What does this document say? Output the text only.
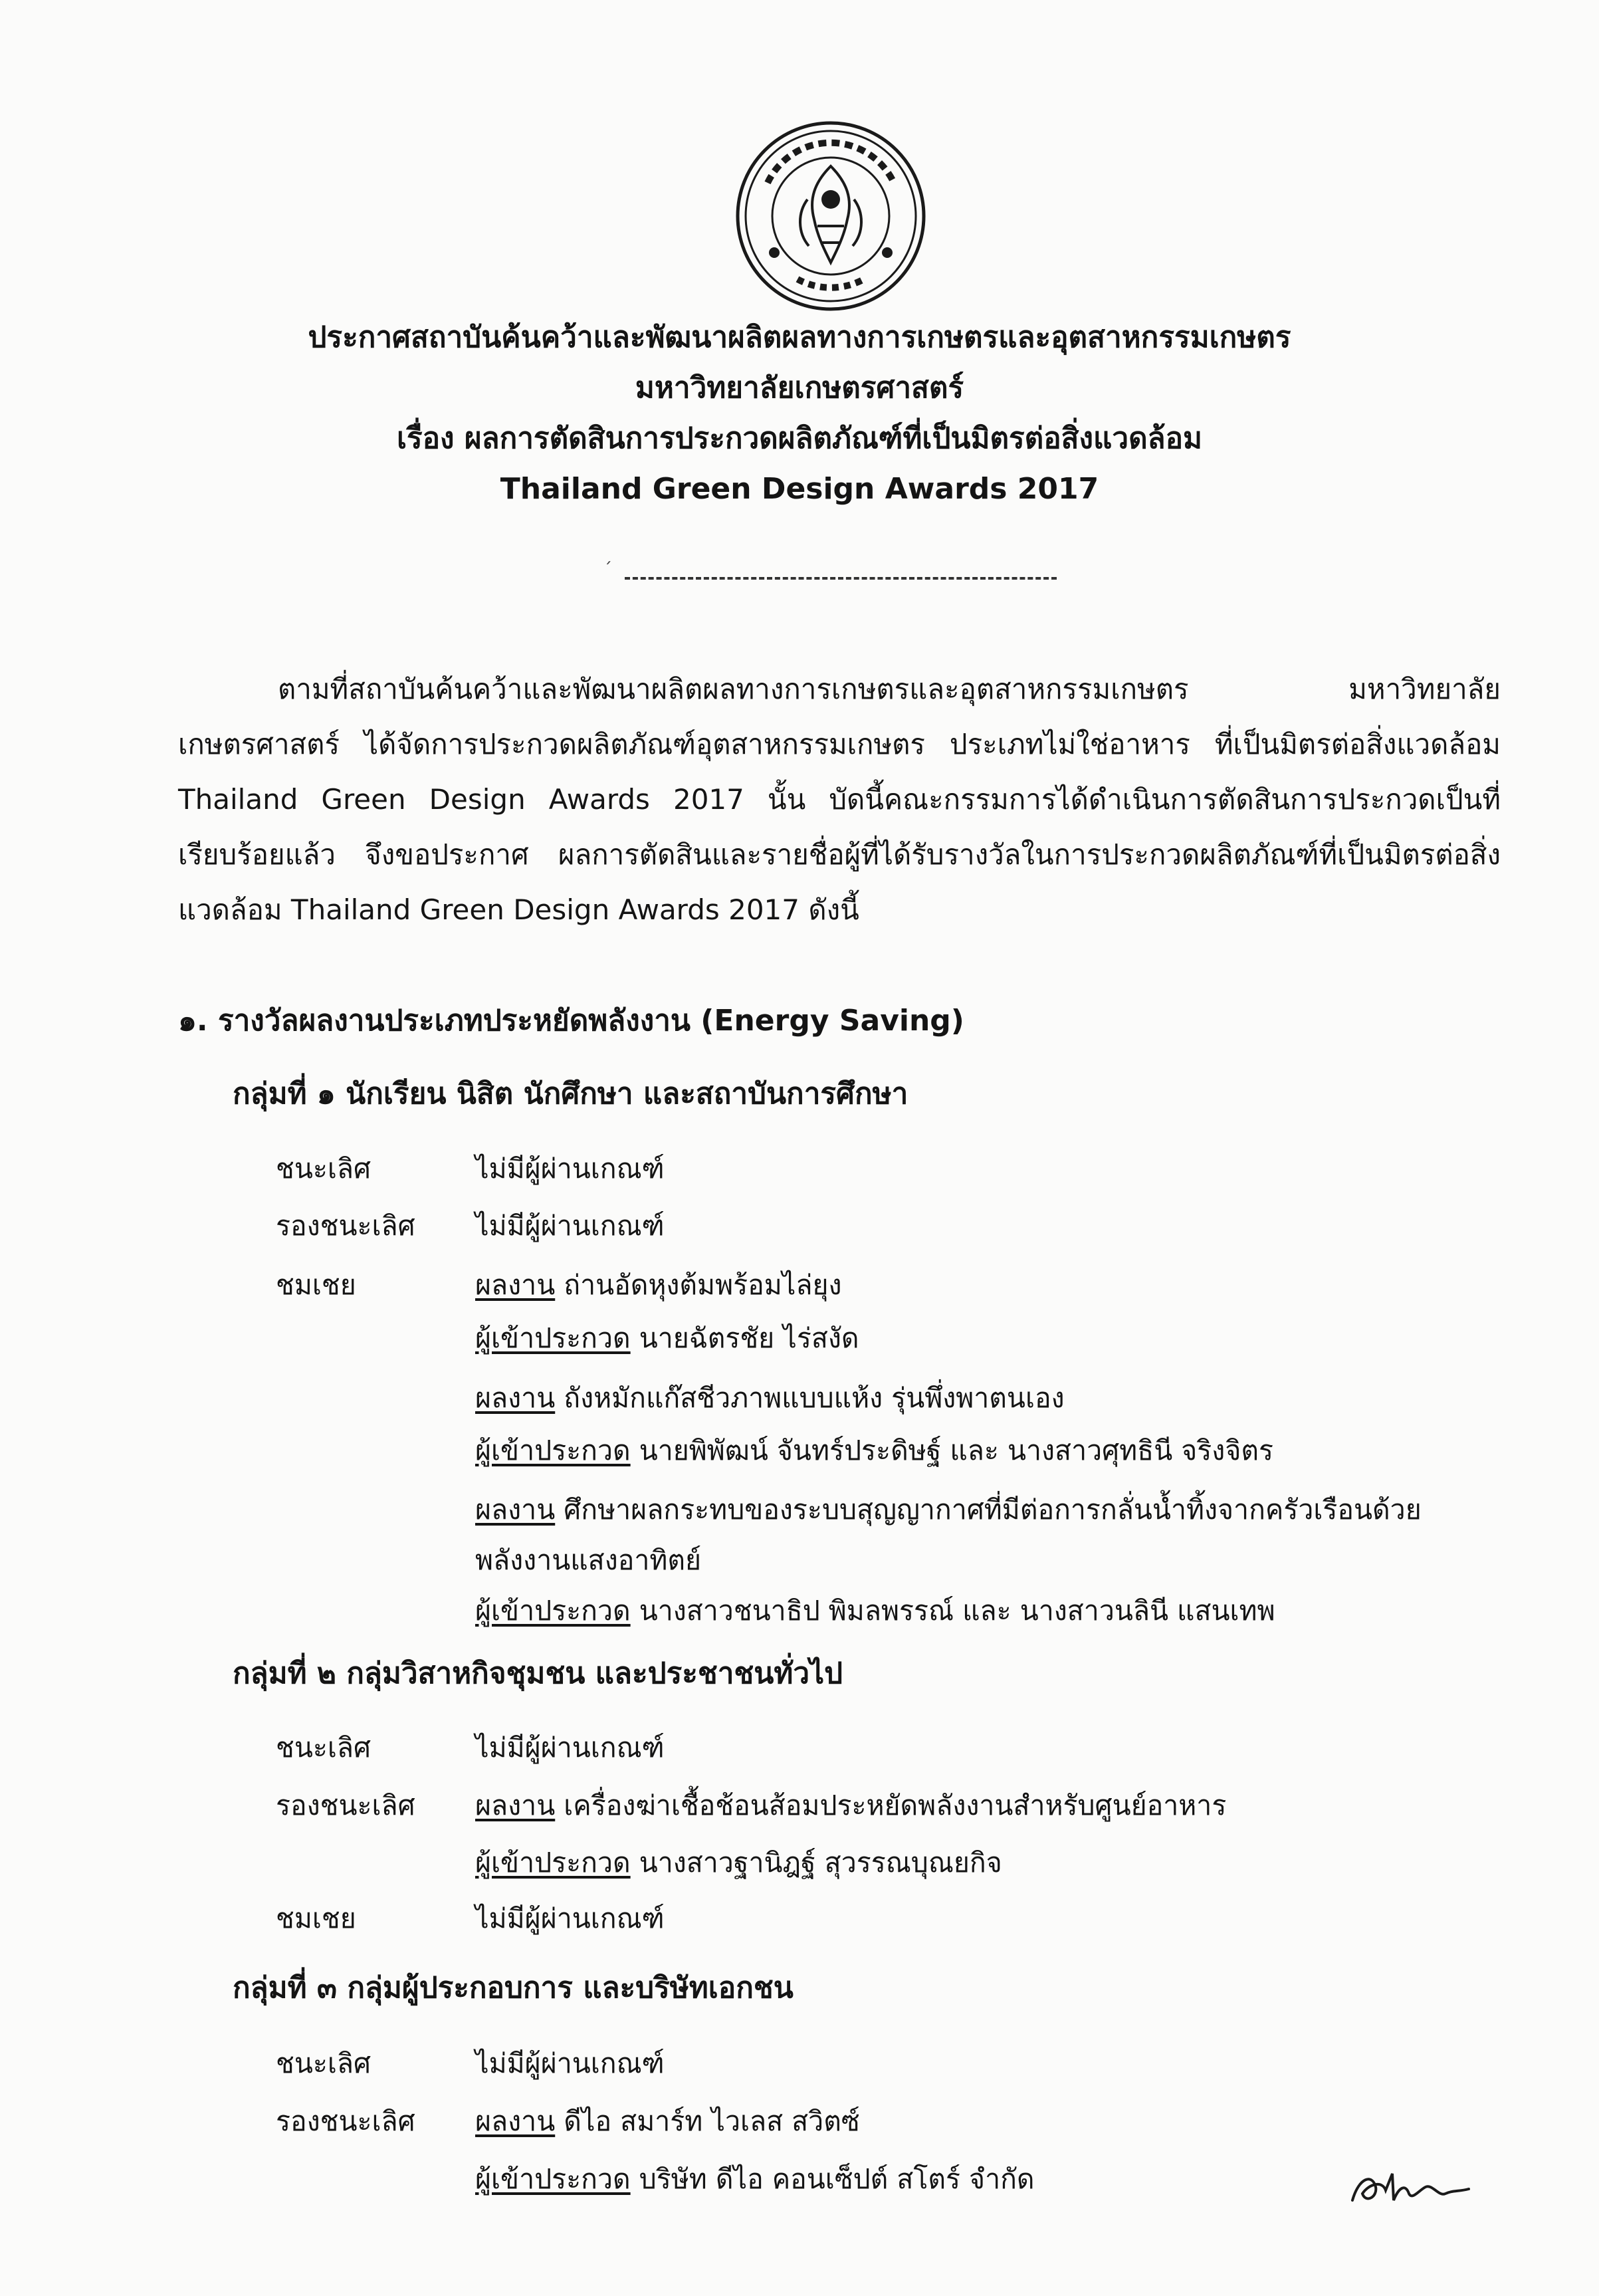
ประกาศสถาบันค้นคว้าและพัฒนาผลิตผลทางการเกษตรและอุตสาหกรรมเกษตร
มหาวิทยาลัยเกษตรศาสตร์
เรื่อง ผลการตัดสินการประกวดผลิตภัณฑ์ที่เป็นมิตรต่อสิ่งแวดล้อม
Thailand Green Design Awards 2017
ˏ

ตามที่สถาบันค้นคว้าและพัฒนาผลิตผลทางการเกษตรและอุตสาหกรรมเกษตร มหาวิทยาลัยเกษตรศาสตร์ ได้จัดการประกวดผลิตภัณฑ์อุตสาหกรรมเกษตร ประเภทไม่ใช่อาหาร ที่เป็นมิตรต่อสิ่งแวดล้อม Thailand Green Design Awards 2017 นั้น บัดนี้คณะกรรมการได้ดำเนินการตัดสินการประกวดเป็นที่เรียบร้อยแล้ว จึงขอประกาศ ผลการตัดสินและรายชื่อผู้ที่ได้รับรางวัลในการประกวดผลิตภัณฑ์ที่เป็นมิตรต่อสิ่งแวดล้อม Thailand Green Design Awards 2017 ดังนี้

๑. รางวัลผลงานประเภทประหยัดพลังงาน (Energy Saving)
กลุ่มที่ ๑ นักเรียน นิสิต นักศึกษา และสถาบันการศึกษา
ชนะเลิศ	ไม่มีผู้ผ่านเกณฑ์
รองชนะเลิศ ไม่มีผู้ผ่านเกณฑ์
ชมเชย	ผลงาน ถ่านอัดหุงต้มพร้อมไล่ยุง
ผู้เข้าประกวด นายฉัตรชัย ไร่สงัด
ผลงาน ถังหมักแก๊สชีวภาพแบบแห้ง รุ่นพึ่งพาตนเอง
ผู้เข้าประกวด นายพิพัฒน์ จันทร์ประดิษฐ์ และ นางสาวศุทธินี จริงจิตร
ผลงาน ศึกษาผลกระทบของระบบสุญญากาศที่มีต่อการกลั่นน้ำทิ้งจากครัวเรือนด้วย
พลังงานแสงอาทิตย์
ผู้เข้าประกวด นางสาวชนาธิป พิมลพรรณ์ และ นางสาวนลินี แสนเทพ
กลุ่มที่ ๒ กลุ่มวิสาหกิจชุมชน และประชาชนทั่วไป
ชนะเลิศ	ไม่มีผู้ผ่านเกณฑ์
รองชนะเลิศ ผลงาน เครื่องฆ่าเชื้อช้อนส้อมประหยัดพลังงานสำหรับศูนย์อาหาร
ผู้เข้าประกวด นางสาวฐานิฎฐ์ สุวรรณบุณยกิจ
ชมเชย	ไม่มีผู้ผ่านเกณฑ์
กลุ่มที่ ๓ กลุ่มผู้ประกอบการ และบริษัทเอกชน
ชนะเลิศ	ไม่มีผู้ผ่านเกณฑ์
รองชนะเลิศ ผลงาน ดีไอ สมาร์ท ไวเลส สวิตซ์
ผู้เข้าประกวด บริษัท ดีไอ คอนเซ็ปต์ สโตร์ จำกัด
